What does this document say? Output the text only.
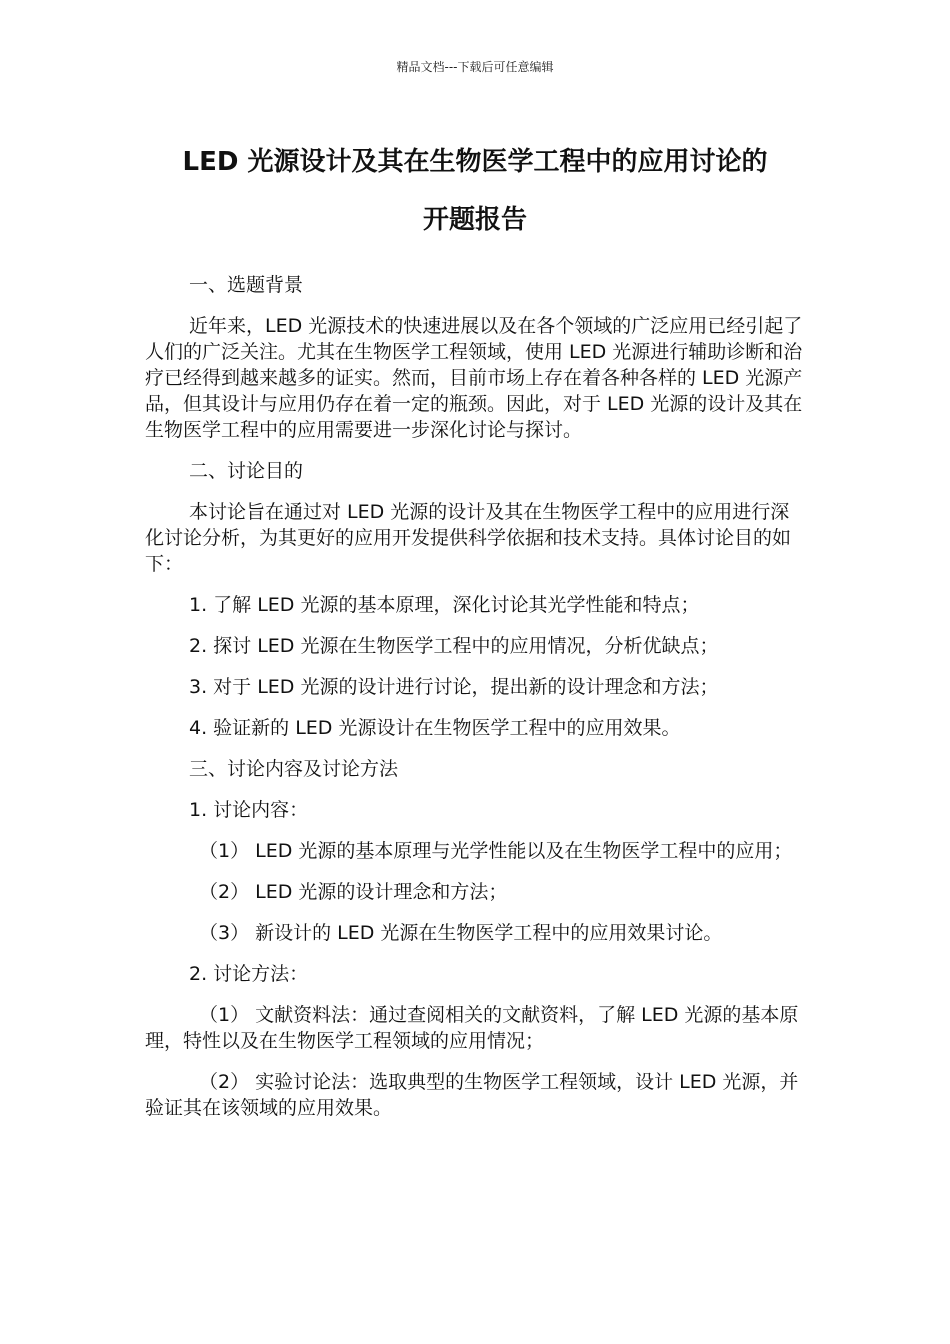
精品文档---下载后可任意编辑
LED 光源设计及其在生物医学工程中的应用讨论的
开题报告

一、选题背景

近年来，LED 光源技术的快速进展以及在各个领域的广泛应用已经引起了人们的广泛关注。尤其在生物医学工程领域，使用 LED 光源进行辅助诊断和治疗已经得到越来越多的证实。然而，目前市场上存在着各种各样的 LED 光源产品，但其设计与应用仍存在着一定的瓶颈。因此，对于 LED 光源的设计及其在生物医学工程中的应用需要进一步深化讨论与探讨。

二、讨论目的

本讨论旨在通过对 LED 光源的设计及其在生物医学工程中的应用进行深化讨论分析，为其更好的应用开发提供科学依据和技术支持。具体讨论目的如下：

1. 了解 LED 光源的基本原理，深化讨论其光学性能和特点；

2. 探讨 LED 光源在生物医学工程中的应用情况，分析优缺点；

3. 对于 LED 光源的设计进行讨论，提出新的设计理念和方法；

4. 验证新的 LED 光源设计在生物医学工程中的应用效果。

三、讨论内容及讨论方法

1. 讨论内容：

（1） LED 光源的基本原理与光学性能以及在生物医学工程中的应用；

（2） LED 光源的设计理念和方法；

（3） 新设计的 LED 光源在生物医学工程中的应用效果讨论。

2. 讨论方法：

（1） 文献资料法：通过查阅相关的文献资料，了解 LED 光源的基本原理，特性以及在生物医学工程领域的应用情况；

（2） 实验讨论法：选取典型的生物医学工程领域，设计 LED 光源，并验证其在该领域的应用效果。
